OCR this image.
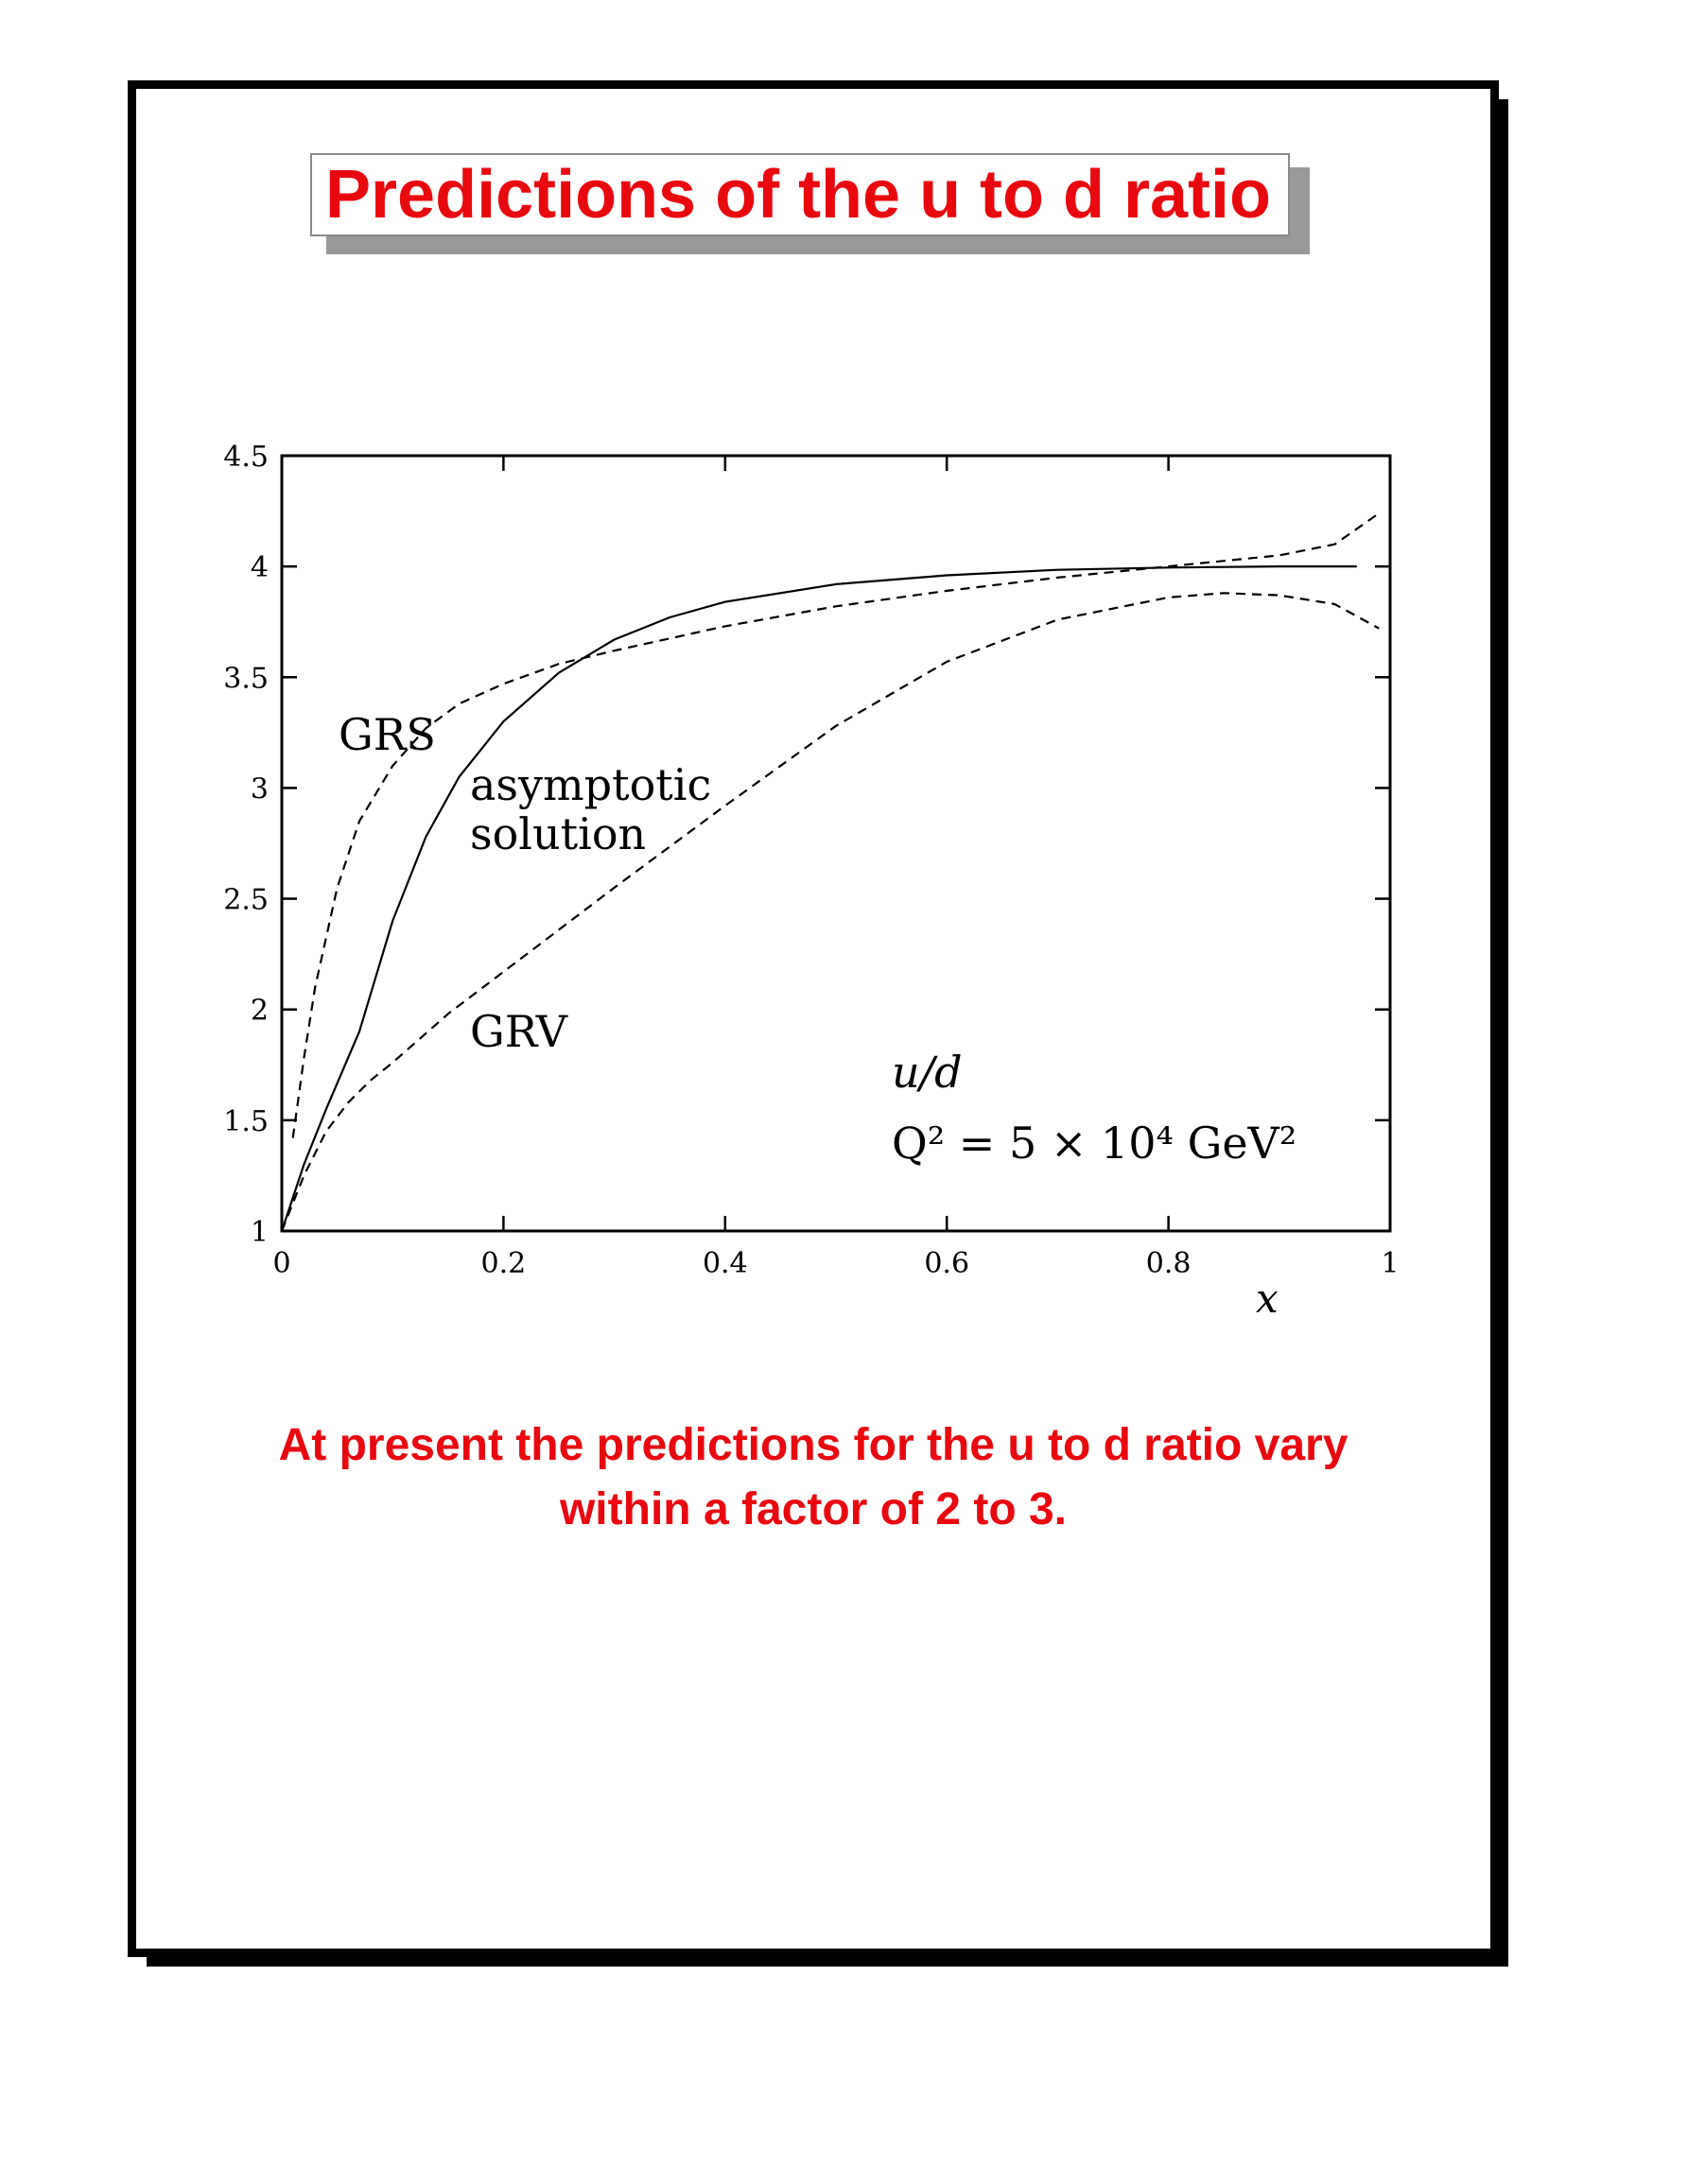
Predictions of the u to d ratio
0	0.2	0.4	0.6	0.8	1
1
1.5
2
2.5
3
3.5
4
4.5
GRS
asymptotic
solution
GRV
u/d
Q² = 5 × 10⁴ GeV²
x
At present the predictions for the u to d ratio vary
within a factor of 2 to 3.
